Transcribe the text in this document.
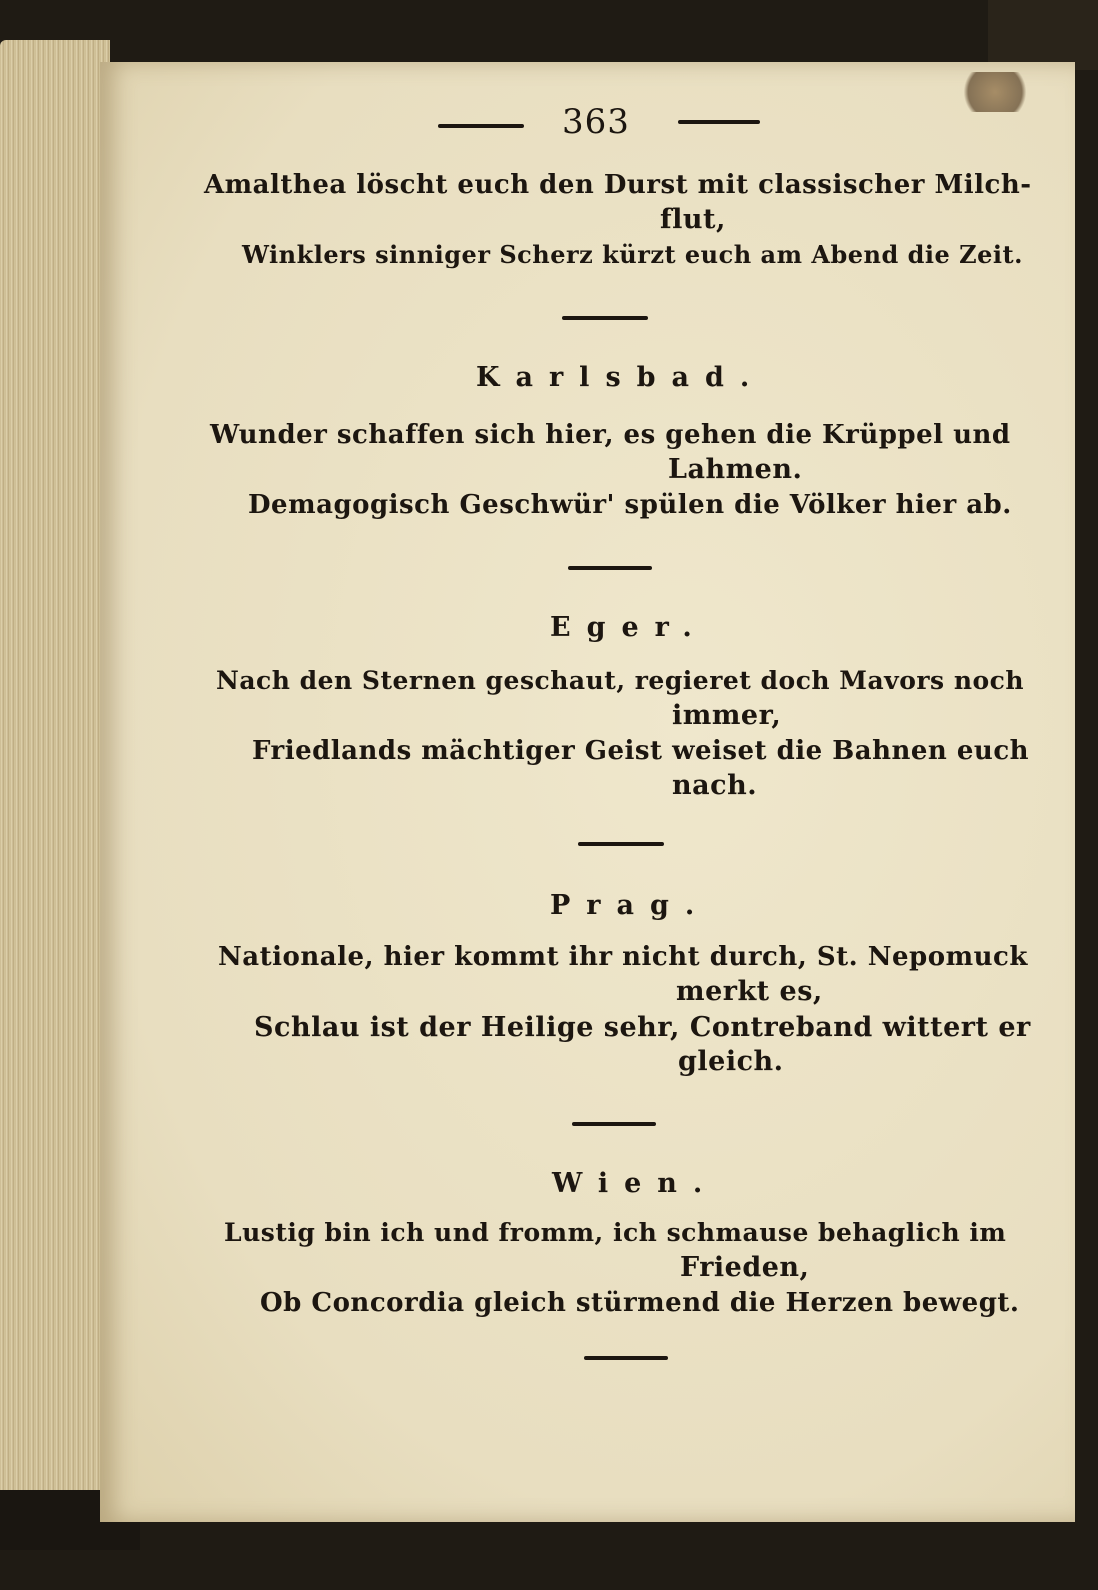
363
Amalthea löscht euch den Durst mit classischer Milch-
flut,
Winklers sinniger Scherz kürzt euch am Abend die Zeit.
Karlsbad.
Wunder schaffen sich hier, es gehen die Krüppel und
Lahmen.
Demagogisch Geschwür' spülen die Völker hier ab.
Eger.
Nach den Sternen geschaut, regieret doch Mavors noch
immer,
Friedlands mächtiger Geist weiset die Bahnen euch
nach.
Prag.
Nationale, hier kommt ihr nicht durch, St. Nepomuck
merkt es,
Schlau ist der Heilige sehr, Contreband wittert er
gleich.
Wien.
Lustig bin ich und fromm, ich schmause behaglich im
Frieden,
Ob Concordia gleich stürmend die Herzen bewegt.
